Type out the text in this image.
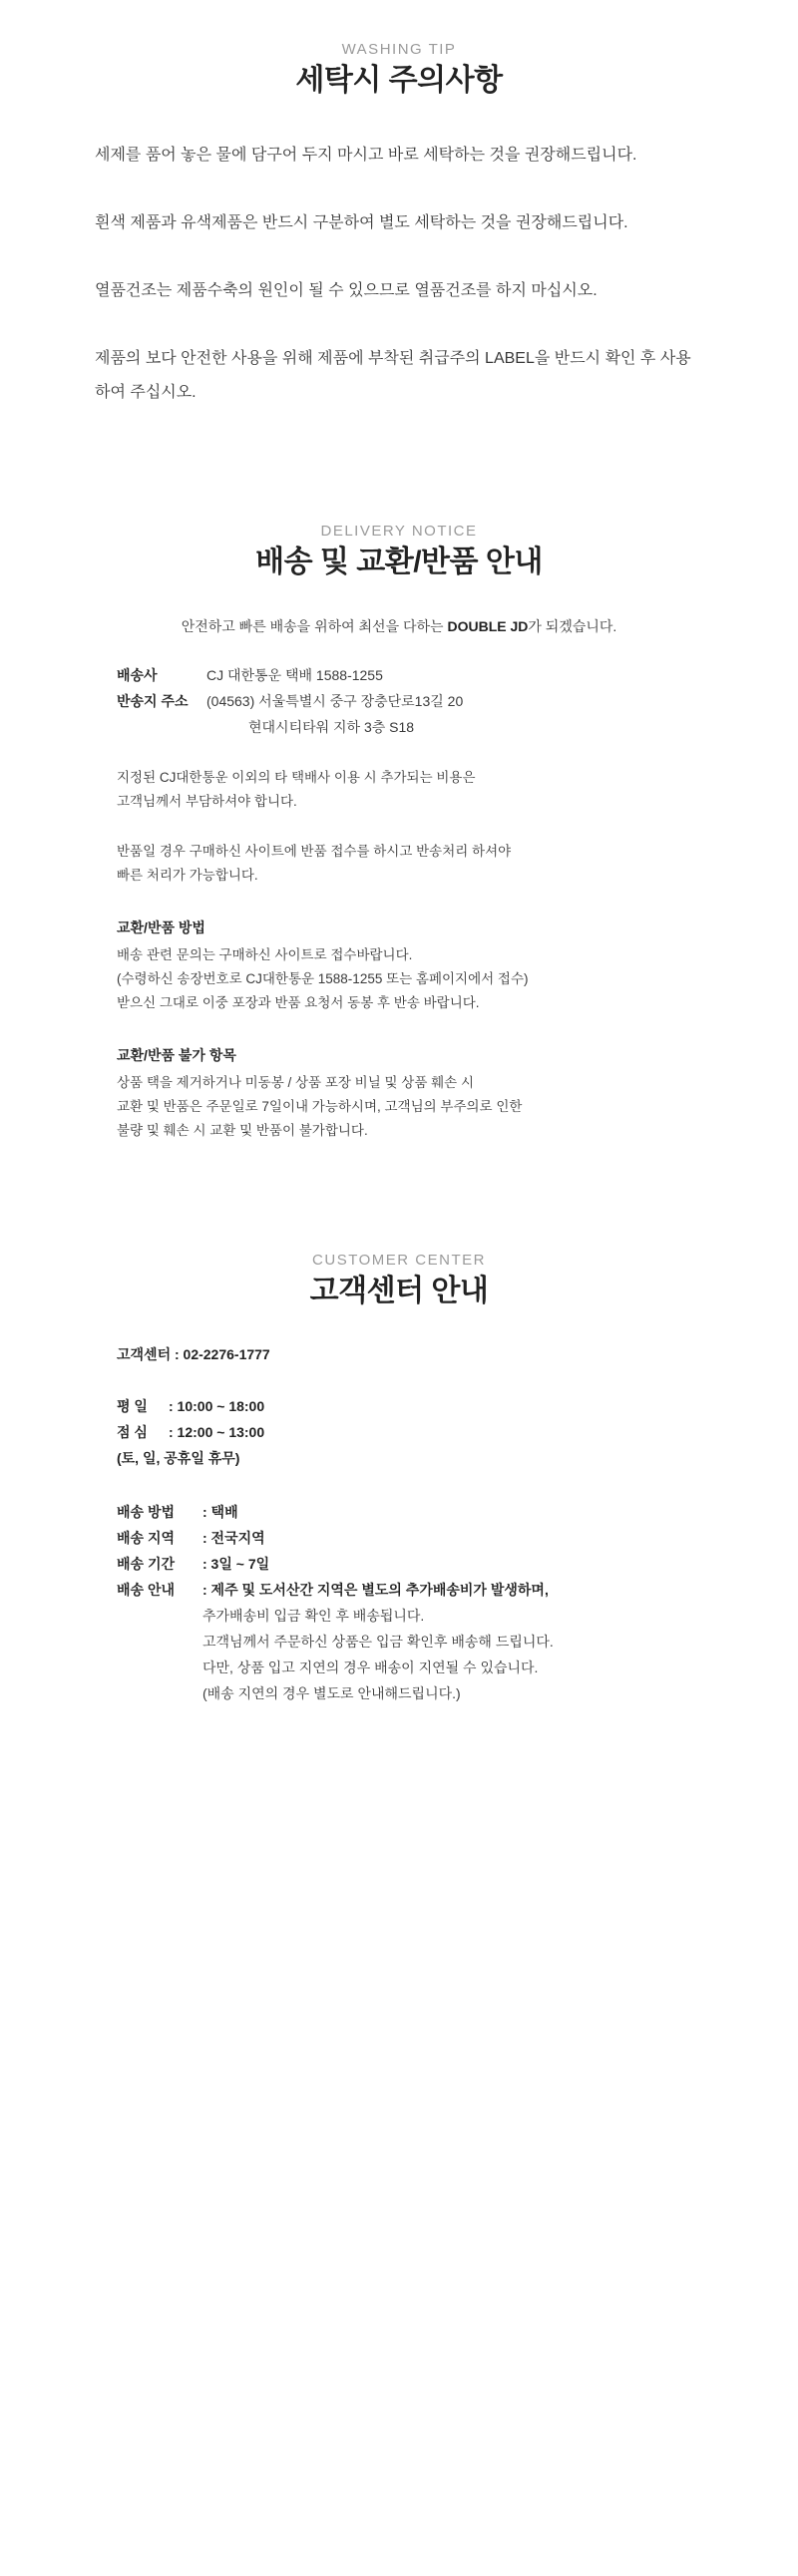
WASHING TIP

세탁시 주의사항

세제를 품어 놓은 물에 담구어 두지 마시고 바로 세탁하는 것을 권장해드립니다.

흰색 제품과 유색제품은 반드시 구분하여 별도 세탁하는 것을 권장해드립니다.

열품건조는 제품수축의 원인이 될 수 있으므로 열품건조를 하지 마십시오.

제품의 보다 안전한 사용을 위해 제품에 부착된 취급주의 LABEL을 반드시 확인 후 사용하여 주십시오.

DELIVERY NOTICE

배송 및 교환/반품 안내

안전하고 빠른 배송을 위하여 최선을 다하는 DOUBLE JD가 되겠습니다.

배송사	CJ 대한통운 택배 1588-1255
반송지 주소	(04563) 서울특별시 중구 장충단로13길 20
현대시티타워 지하 3층 S18
지정된 CJ대한통운 이외의 타 택배사 이용 시 추가되는 비용은
고객님께서 부담하셔야 합니다.
반품일 경우 구매하신 사이트에 반품 접수를 하시고 반송처리 하셔야
빠른 처리가 가능합니다.
교환/반품 방법
배송 관련 문의는 구매하신 사이트로 접수바랍니다.
(수령하신 송장번호로 CJ대한통운 1588-1255 또는 홈페이지에서 접수)
받으신 그대로 이중 포장과 반품 요청서 동봉 후 반송 바랍니다.
교환/반품 불가 항목
상품 택을 제거하거나 미동봉 / 상품 포장 비닐 및 상품 훼손 시
교환 및 반품은 주문일로 7일이내 가능하시며, 고객님의 부주의로 인한
불량 및 훼손 시 교환 및 반품이 불가합니다.

CUSTOMER CENTER

고객센터 안내
고객센터 : 02-2276-1777
평 일 : 10:00 ~ 18:00
점 심 : 12:00 ~ 13:00
(토, 일, 공휴일 휴무)
배송 방법	: 택배
배송 지역	: 전국지역
배송 기간	: 3일 ~ 7일
배송 안내	: 제주 및 도서산간 지역은 별도의 추가배송비가 발생하며,
추가배송비 입금 확인 후 배송됩니다.
고객님께서 주문하신 상품은 입금 확인후 배송해 드립니다.
다만, 상품 입고 지연의 경우 배송이 지연될 수 있습니다.
(배송 지연의 경우 별도로 안내해드립니다.)
